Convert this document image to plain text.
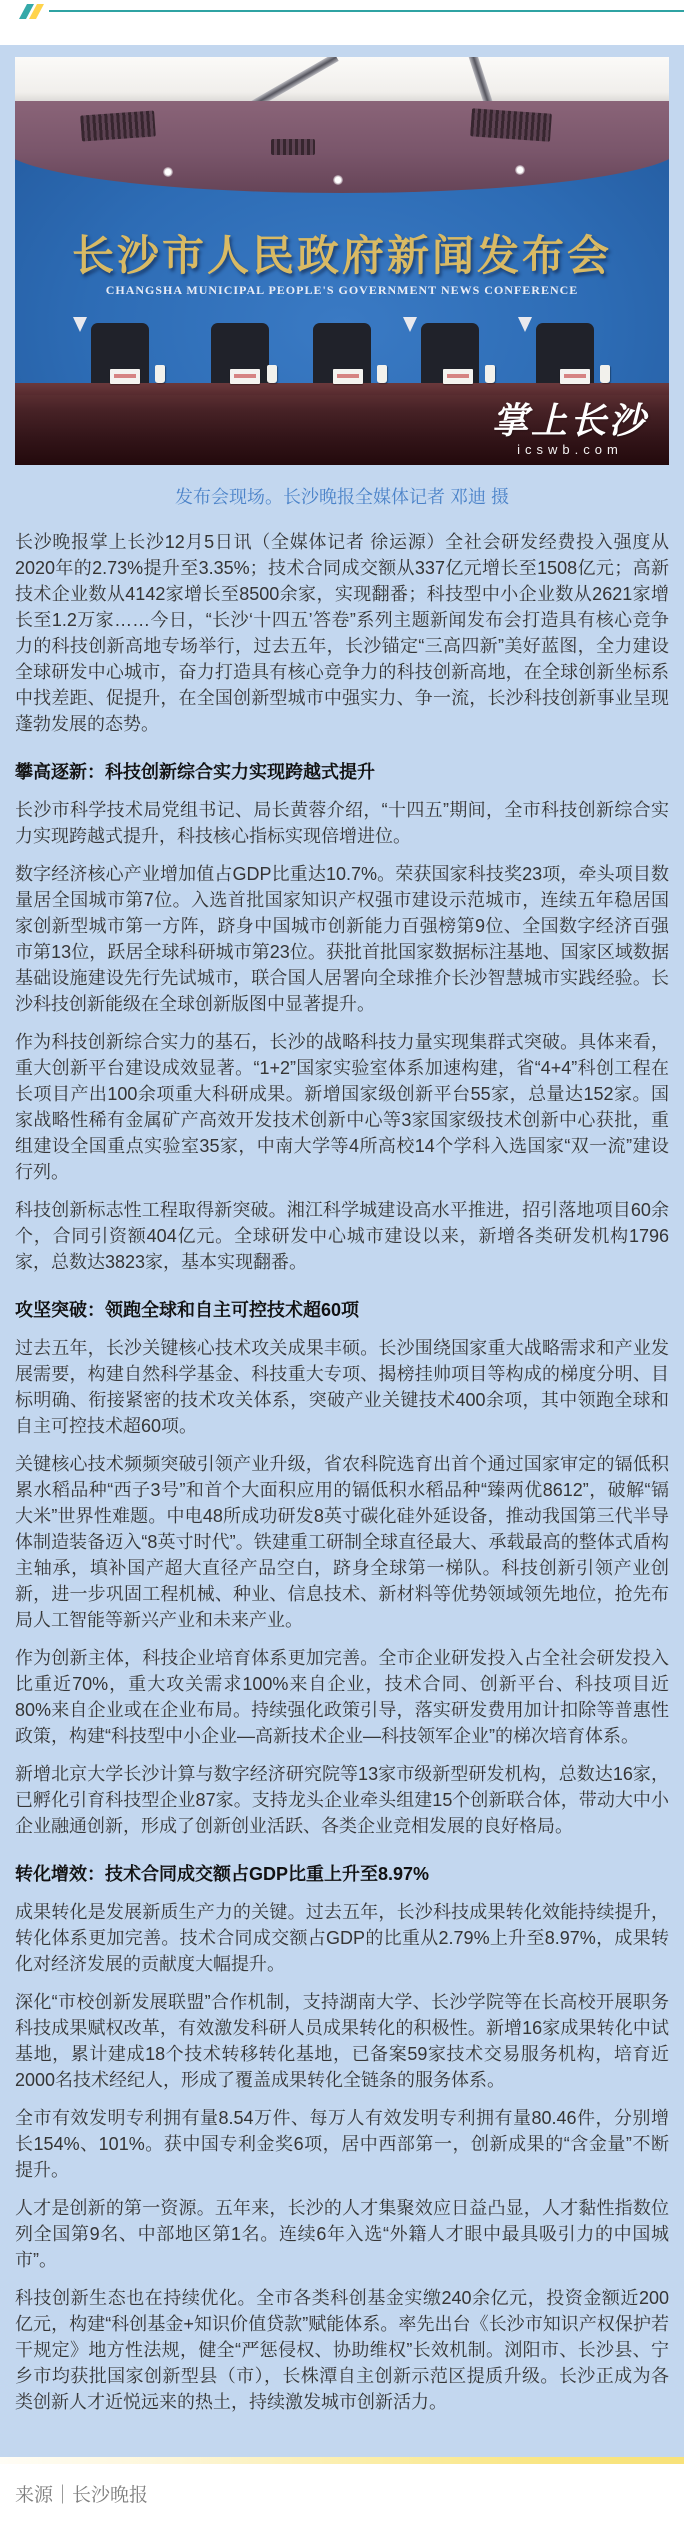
长沙市人民政府新闻发布会
CHANGSHA MUNICIPAL PEOPLE'S GOVERNMENT NEWS CONFERENCE
掌上长沙
icswb.com
发布会现场。长沙晚报全媒体记者 邓迪 摄

长沙晚报掌上长沙12月5日讯（全媒体记者 徐运源）全社会研发经费投入强度从2020年的2.73%提升至3.35%；技术合同成交额从337亿元增长至1508亿元；高新技术企业数从4142家增长至8500余家，实现翻番；科技型中小企业数从2621家增长至1.2万家……今日，“长沙‘十四五’答卷”系列主题新闻发布会打造具有核心竞争力的科技创新高地专场举行，过去五年，长沙锚定“三高四新”美好蓝图，全力建设全球研发中心城市，奋力打造具有核心竞争力的科技创新高地，在全球创新坐标系中找差距、促提升，在全国创新型城市中强实力、争一流，长沙科技创新事业呈现蓬勃发展的态势。

攀高逐新：科技创新综合实力实现跨越式提升

长沙市科学技术局党组书记、局长黄蓉介绍，“十四五”期间，全市科技创新综合实力实现跨越式提升，科技核心指标实现倍增进位。

数字经济核心产业增加值占GDP比重达10.7%。荣获国家科技奖23项，牵头项目数量居全国城市第7位。入选首批国家知识产权强市建设示范城市，连续五年稳居国家创新型城市第一方阵，跻身中国城市创新能力百强榜第9位、全国数字经济百强市第13位，跃居全球科研城市第23位。获批首批国家数据标注基地、国家区域数据基础设施建设先行先试城市，联合国人居署向全球推介长沙智慧城市实践经验。长沙科技创新能级在全球创新版图中显著提升。

作为科技创新综合实力的基石，长沙的战略科技力量实现集群式突破。具体来看，重大创新平台建设成效显著。“1+2”国家实验室体系加速构建，省“4+4”科创工程在长项目产出100余项重大科研成果。新增国家级创新平台55家，总量达152家。国家战略性稀有金属矿产高效开发技术创新中心等3家国家级技术创新中心获批，重组建设全国重点实验室35家，中南大学等4所高校14个学科入选国家“双一流”建设行列。

科技创新标志性工程取得新突破。湘江科学城建设高水平推进，招引落地项目60余个，合同引资额404亿元。全球研发中心城市建设以来，新增各类研发机构1796家，总数达3823家，基本实现翻番。

攻坚突破：领跑全球和自主可控技术超60项

过去五年，长沙关键核心技术攻关成果丰硕。长沙围绕国家重大战略需求和产业发展需要，构建自然科学基金、科技重大专项、揭榜挂帅项目等构成的梯度分明、目标明确、衔接紧密的技术攻关体系，突破产业关键技术400余项，其中领跑全球和自主可控技术超60项。

关键核心技术频频突破引领产业升级，省农科院选育出首个通过国家审定的镉低积累水稻品种“西子3号”和首个大面积应用的镉低积水稻品种“臻两优8612”，破解“镉大米”世界性难题。中电48所成功研发8英寸碳化硅外延设备，推动我国第三代半导体制造装备迈入“8英寸时代”。铁建重工研制全球直径最大、承载最高的整体式盾构主轴承，填补国产超大直径产品空白，跻身全球第一梯队。科技创新引领产业创新，进一步巩固工程机械、种业、信息技术、新材料等优势领域领先地位，抢先布局人工智能等新兴产业和未来产业。

作为创新主体，科技企业培育体系更加完善。全市企业研发投入占全社会研发投入比重近70%，重大攻关需求100%来自企业，技术合同、创新平台、科技项目近80%来自企业或在企业布局。持续强化政策引导，落实研发费用加计扣除等普惠性政策，构建“科技型中小企业—高新技术企业—科技领军企业”的梯次培育体系。

新增北京大学长沙计算与数字经济研究院等13家市级新型研发机构，总数达16家，已孵化引育科技型企业87家。支持龙头企业牵头组建15个创新联合体，带动大中小企业融通创新，形成了创新创业活跃、各类企业竞相发展的良好格局。

转化增效：技术合同成交额占GDP比重上升至8.97%

成果转化是发展新质生产力的关键。过去五年，长沙科技成果转化效能持续提升，转化体系更加完善。技术合同成交额占GDP的比重从2.79%上升至8.97%，成果转化对经济发展的贡献度大幅提升。

深化“市校创新发展联盟”合作机制，支持湖南大学、长沙学院等在长高校开展职务科技成果赋权改革，有效激发科研人员成果转化的积极性。新增16家成果转化中试基地，累计建成18个技术转移转化基地，已备案59家技术交易服务机构，培育近2000名技术经纪人，形成了覆盖成果转化全链条的服务体系。

全市有效发明专利拥有量8.54万件、每万人有效发明专利拥有量80.46件，分别增长154%、101%。获中国专利金奖6项，居中西部第一，创新成果的“含金量”不断提升。

人才是创新的第一资源。五年来，长沙的人才集聚效应日益凸显，人才黏性指数位列全国第9名、中部地区第1名。连续6年入选“外籍人才眼中最具吸引力的中国城市”。

科技创新生态也在持续优化。全市各类科创基金实缴240余亿元，投资金额近200亿元，构建“科创基金+知识价值贷款”赋能体系。率先出台《长沙市知识产权保护若干规定》地方性法规，健全“严惩侵权、协助维权”长效机制。浏阳市、长沙县、宁乡市均获批国家创新型县（市），长株潭自主创新示范区提质升级。长沙正成为各类创新人才近悦远来的热土，持续激发城市创新活力。

来源｜长沙晚报
